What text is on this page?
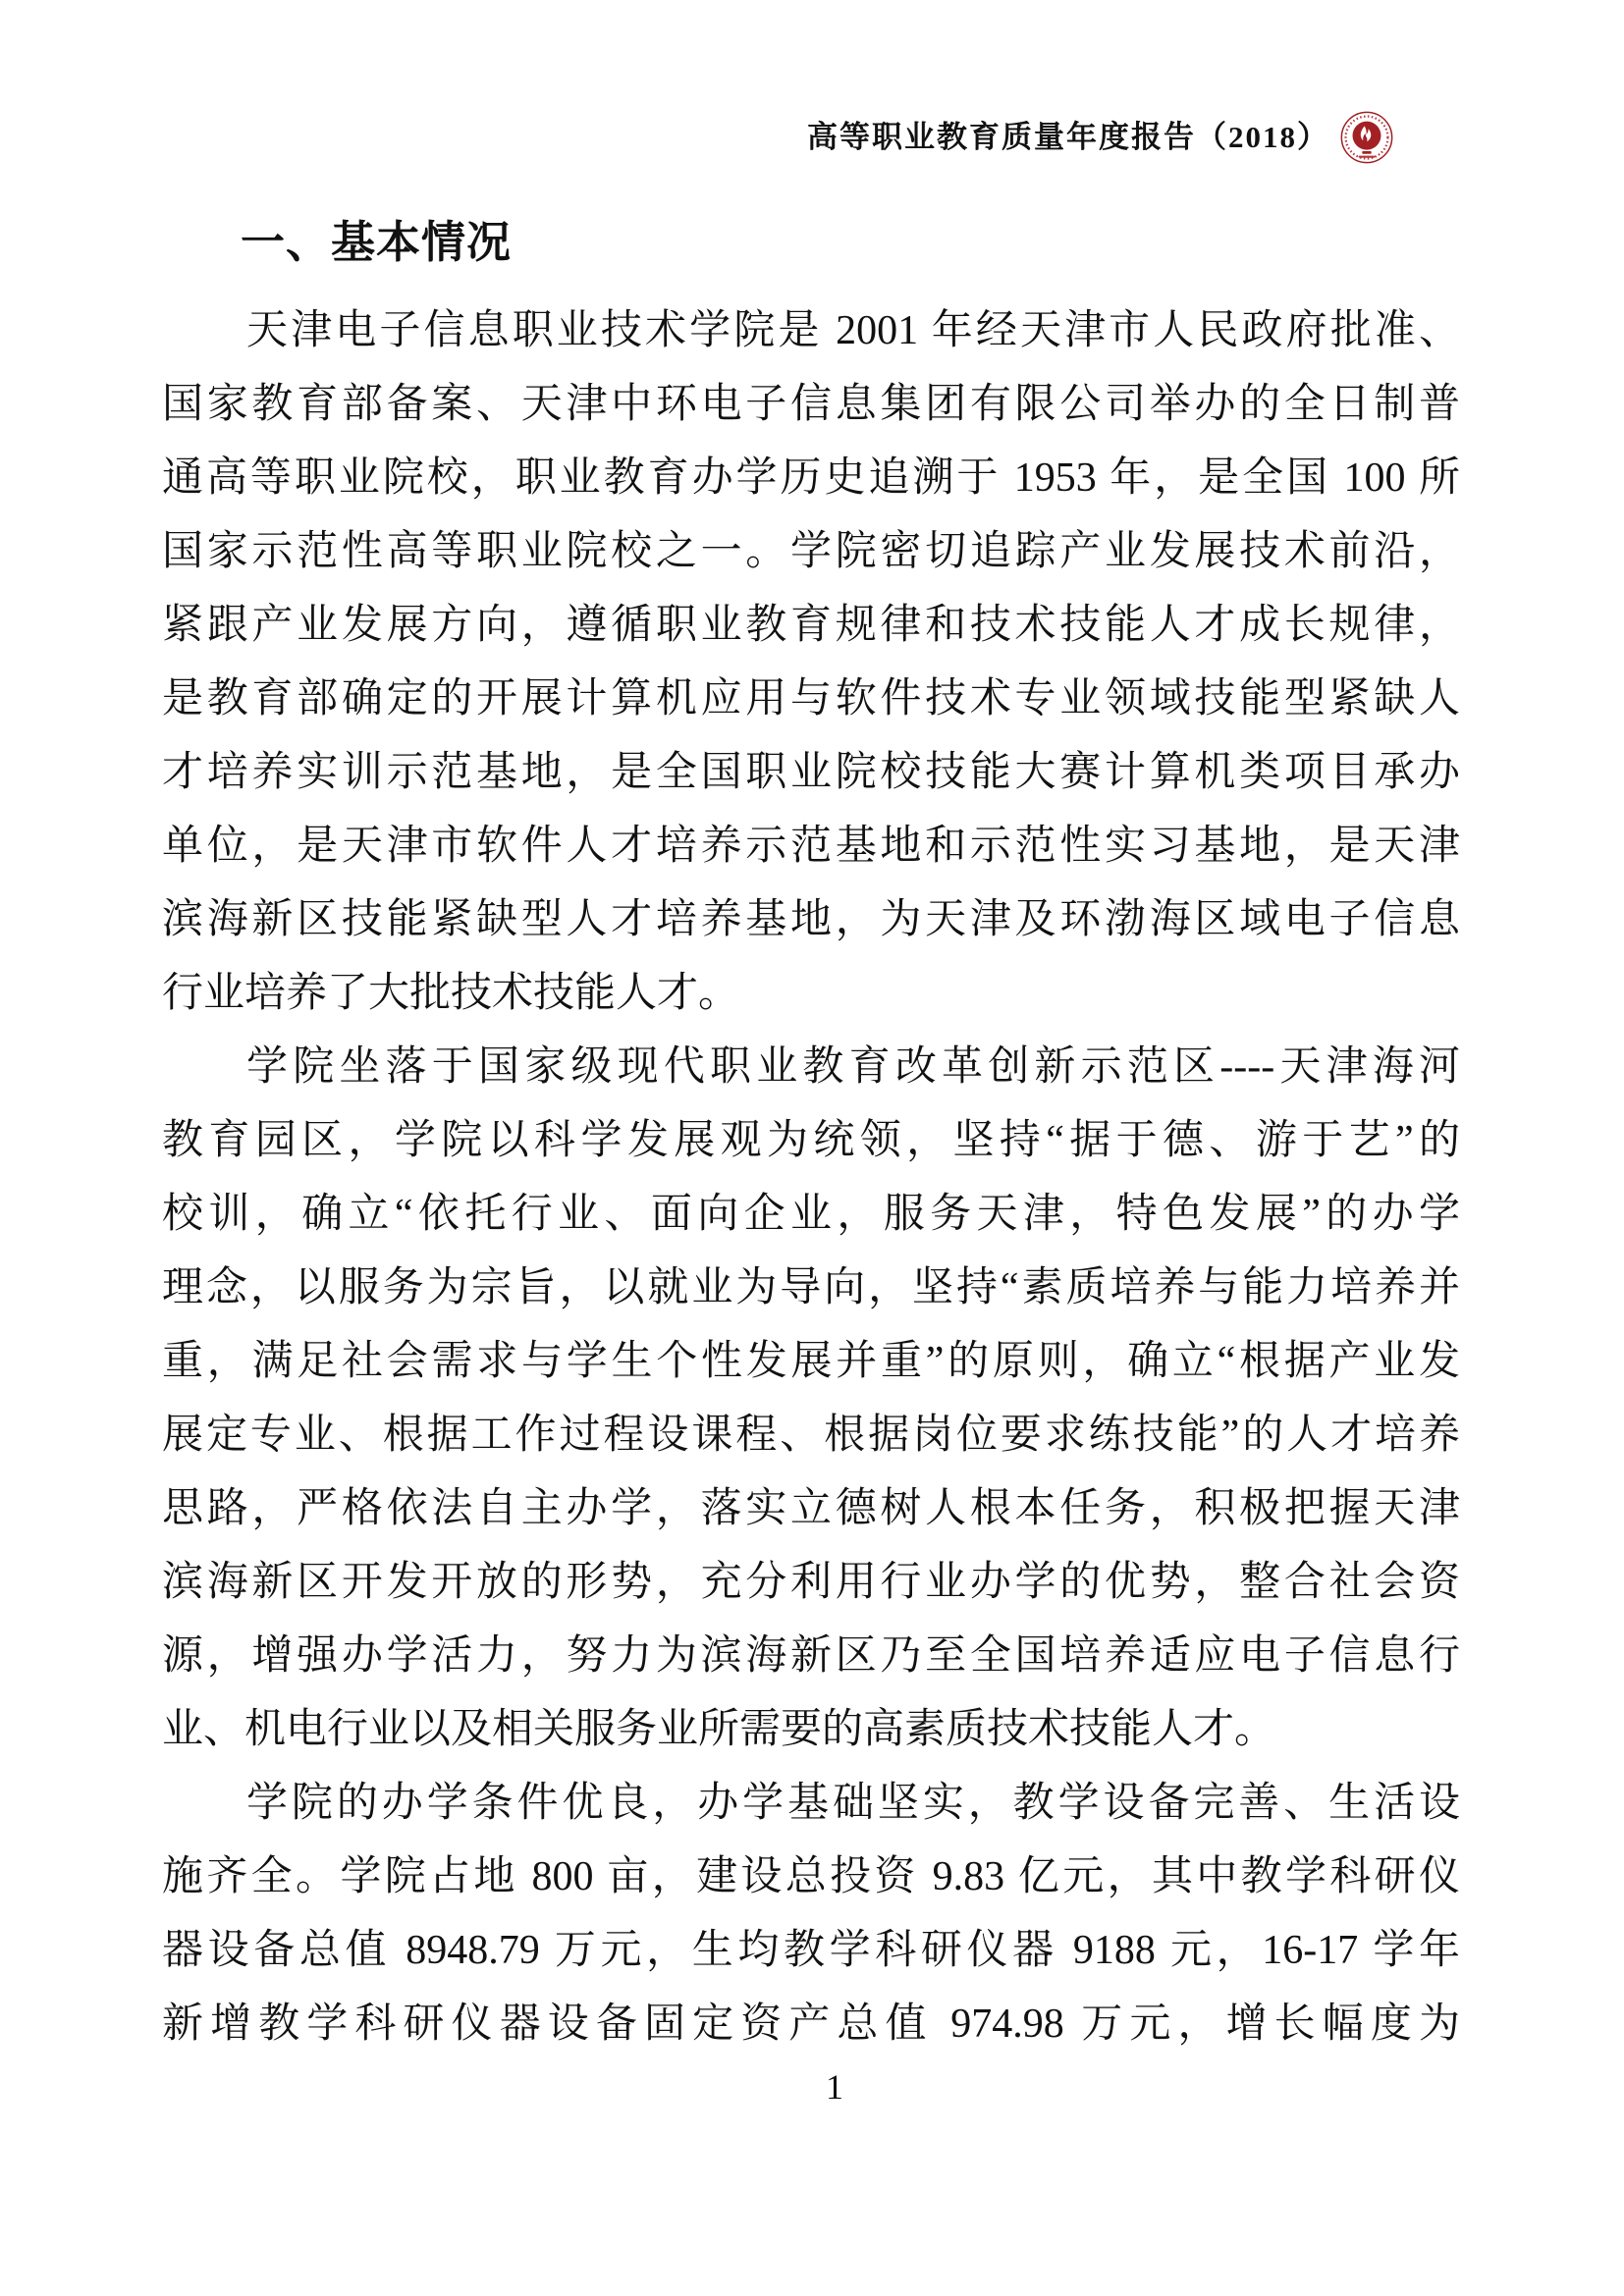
高等职业教育质量年度报告（2018）
一、基本情况
天津电子信息职业技术学院是 2001 年经天津市人民政府批准、
国家教育部备案、天津中环电子信息集团有限公司举办的全日制普
通高等职业院校，职业教育办学历史追溯于 1953 年，是全国 100 所
国家示范性高等职业院校之一。学院密切追踪产业发展技术前沿，
紧跟产业发展方向，遵循职业教育规律和技术技能人才成长规律，
是教育部确定的开展计算机应用与软件技术专业领域技能型紧缺人
才培养实训示范基地，是全国职业院校技能大赛计算机类项目承办
单位，是天津市软件人才培养示范基地和示范性实习基地，是天津
滨海新区技能紧缺型人才培养基地，为天津及环渤海区域电子信息
行业培养了大批技术技能人才。
学院坐落于国家级现代职业教育改革创新示范区----天津海河
教育园区，学院以科学发展观为统领，坚持“据于德、游于艺”的
校训，确立“依托行业、面向企业，服务天津，特色发展”的办学
理念，以服务为宗旨，以就业为导向，坚持“素质培养与能力培养并
重，满足社会需求与学生个性发展并重”的原则，确立“根据产业发
展定专业、根据工作过程设课程、根据岗位要求练技能”的人才培养
思路，严格依法自主办学，落实立德树人根本任务，积极把握天津
滨海新区开发开放的形势，充分利用行业办学的优势，整合社会资
源，增强办学活力，努力为滨海新区乃至全国培养适应电子信息行
业、机电行业以及相关服务业所需要的高素质技术技能人才。
学院的办学条件优良，办学基础坚实，教学设备完善、生活设
施齐全。学院占地 800 亩，建设总投资 9.83 亿元，其中教学科研仪
器设备总值 8948.79 万元，生均教学科研仪器 9188 元，16-17 学年
新增教学科研仪器设备固定资产总值 974.98 万元，增长幅度为
1
